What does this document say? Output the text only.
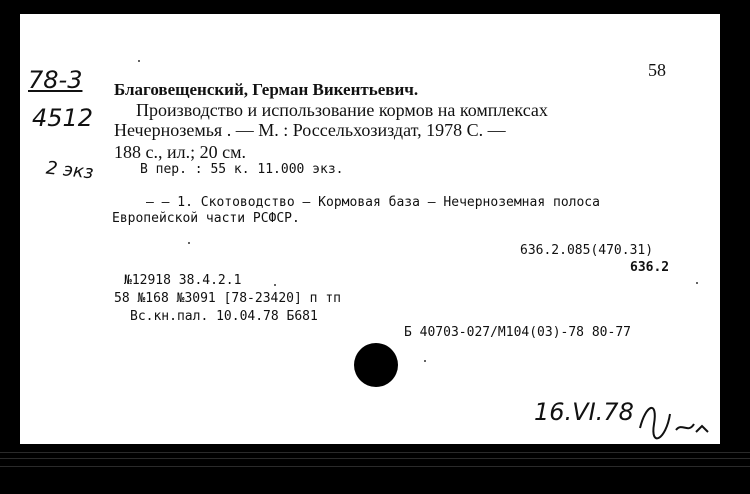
58
78-3
4512
2 экз
Благовещенский, Герман Викентьевич.
Производство и использование кормов на комплексах
Нечерноземья . — М. : Россельхозиздат, 1978 С. —
188 с., ил.; 20 см.
В пер. : 55 к. 11.000 экз.
— — 1. Скотоводство — Кормовая база — Нечерноземная полоса
Европейской части РСФСР.
636.2.085(470.31)
636.2
№12918 38.4.2.1
58 №168 №3091 [78-23420] п тп
Вс.кн.пал. 10.04.78 Б681
Б 40703-027/М104(03)-78 80-77
16.VI.78
